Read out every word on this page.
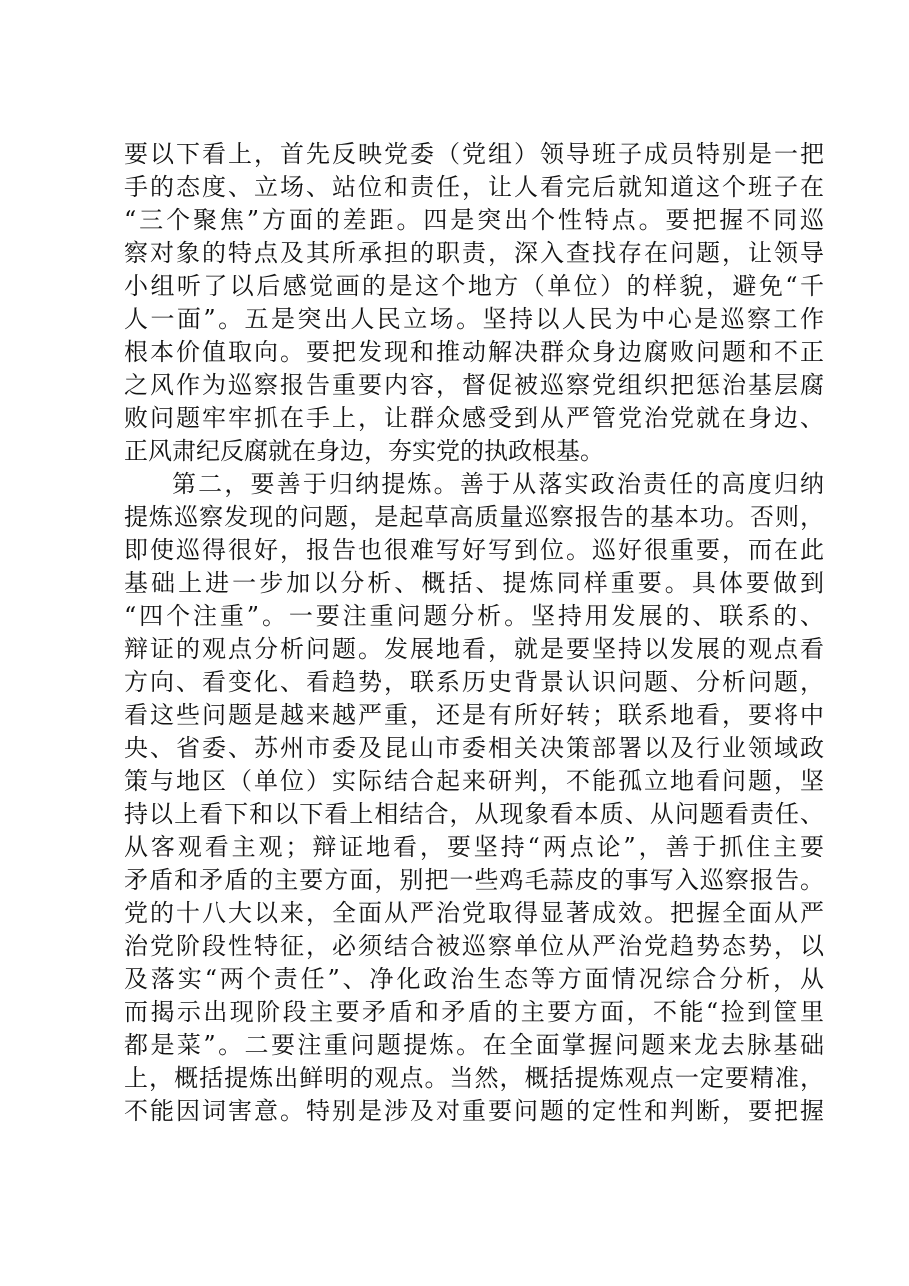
要以下看上，首先反映党委（党组）领导班子成员特别是一把
手的态度、立场、站位和责任，让人看完后就知道这个班子在
“三个聚焦”方面的差距。四是突出个性特点。要把握不同巡
察对象的特点及其所承担的职责，深入查找存在问题，让领导
小组听了以后感觉画的是这个地方（单位）的样貌，避免“千
人一面”。五是突出人民立场。坚持以人民为中心是巡察工作
根本价值取向。要把发现和推动解决群众身边腐败问题和不正
之风作为巡察报告重要内容，督促被巡察党组织把惩治基层腐
败问题牢牢抓在手上，让群众感受到从严管党治党就在身边、
正风肃纪反腐就在身边，夯实党的执政根基。
第二，要善于归纳提炼。善于从落实政治责任的高度归纳
提炼巡察发现的问题，是起草高质量巡察报告的基本功。否则，
即使巡得很好，报告也很难写好写到位。巡好很重要，而在此
基础上进一步加以分析、概括、提炼同样重要。具体要做到
“四个注重”。一要注重问题分析。坚持用发展的、联系的、
辩证的观点分析问题。发展地看，就是要坚持以发展的观点看
方向、看变化、看趋势，联系历史背景认识问题、分析问题，
看这些问题是越来越严重，还是有所好转；联系地看，要将中
央、省委、苏州市委及昆山市委相关决策部署以及行业领域政
策与地区（单位）实际结合起来研判，不能孤立地看问题，坚
持以上看下和以下看上相结合，从现象看本质、从问题看责任、
从客观看主观；辩证地看，要坚持“两点论”，善于抓住主要
矛盾和矛盾的主要方面，别把一些鸡毛蒜皮的事写入巡察报告。
党的十八大以来，全面从严治党取得显著成效。把握全面从严
治党阶段性特征，必须结合被巡察单位从严治党趋势态势，以
及落实“两个责任”、净化政治生态等方面情况综合分析，从
而揭示出现阶段主要矛盾和矛盾的主要方面，不能“捡到筐里
都是菜”。二要注重问题提炼。在全面掌握问题来龙去脉基础
上，概括提炼出鲜明的观点。当然，概括提炼观点一定要精准，
不能因词害意。特别是涉及对重要问题的定性和判断，要把握
